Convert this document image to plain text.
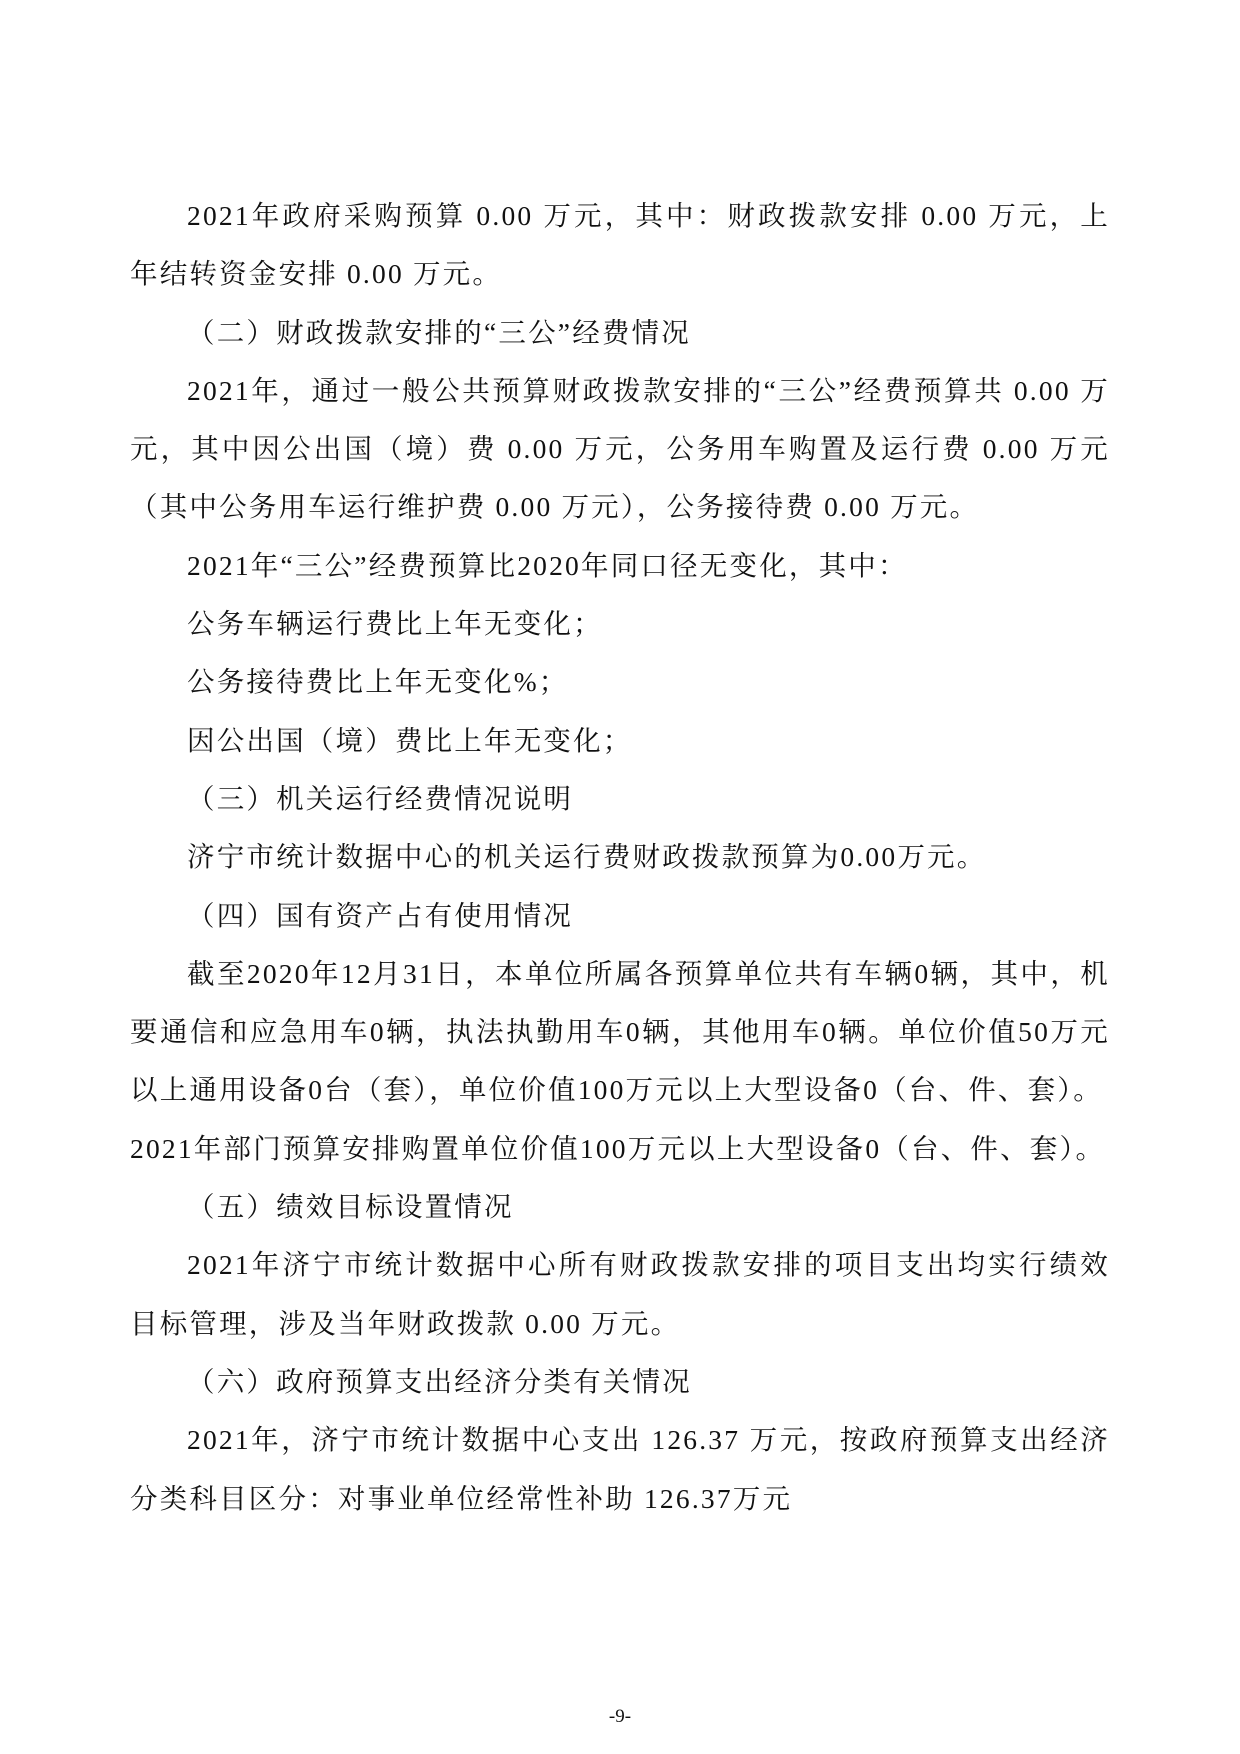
2021年政府采购预算 0.00 万元，其中：财政拨款安排 0.00 万元，上年结转资金安排 0.00 万元。

（二）财政拨款安排的“三公”经费情况

2021年，通过一般公共预算财政拨款安排的“三公”经费预算共 0.00 万元，其中因公出国（境）费 0.00 万元，公务用车购置及运行费 0.00 万元（其中公务用车运行维护费 0.00 万元），公务接待费 0.00 万元。

2021年“三公”经费预算比2020年同口径无变化，其中：

公务车辆运行费比上年无变化；

公务接待费比上年无变化%；

因公出国（境）费比上年无变化；

（三）机关运行经费情况说明

济宁市统计数据中心的机关运行费财政拨款预算为0.00万元。

（四）国有资产占有使用情况

截至2020年12月31日，本单位所属各预算单位共有车辆0辆，其中，机要通信和应急用车0辆，执法执勤用车0辆，其他用车0辆。单位价值50万元以上通用设备0台（套），单位价值100万元以上大型设备0（台、件、套）。

2021年部门预算安排购置单位价值100万元以上大型设备0（台、件、套）。

（五）绩效目标设置情况

2021年济宁市统计数据中心所有财政拨款安排的项目支出均实行绩效目标管理，涉及当年财政拨款 0.00 万元。

（六）政府预算支出经济分类有关情况

2021年，济宁市统计数据中心支出 126.37 万元，按政府预算支出经济分类科目区分：对事业单位经常性补助 126.37万元

-9-
